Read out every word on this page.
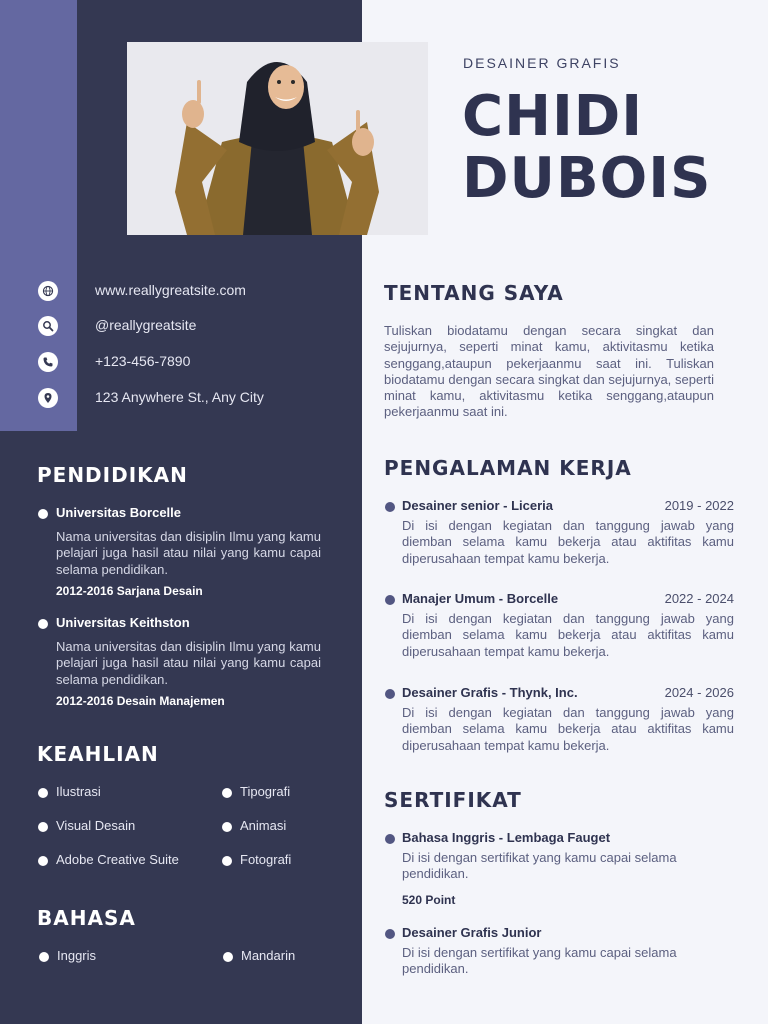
DESAINER GRAFIS
CHIDI
DUBOIS
www.reallygreatsite.com
@reallygreatsite
+123-456-7890
123 Anywhere St., Any City
PENDIDIKAN
Universitas Borcelle
Nama universitas dan disiplin Ilmu yang kamu pelajari juga hasil atau nilai yang kamu capai selama pendidikan.
2012-2016 Sarjana Desain
Universitas Keithston
Nama universitas dan disiplin Ilmu yang kamu pelajari juga hasil atau nilai yang kamu capai selama pendidikan.
2012-2016 Desain Manajemen
KEAHLIAN
Ilustrasi	Tipografi
Visual Desain	Animasi
Adobe Creative Suite	Fotografi
BAHASA
Inggris	Mandarin
TENTANG SAYA
Tuliskan biodatamu dengan secara singkat dan sejujurnya, seperti minat kamu, aktivitasmu ketika senggang,ataupun pekerjaanmu saat ini. Tuliskan biodatamu dengan secara singkat dan sejujurnya, seperti minat kamu, aktivitasmu ketika senggang,ataupun pekerjaanmu saat ini.
PENGALAMAN KERJA
Desainer senior - Liceria	2019 - 2022
Di isi dengan kegiatan dan tanggung jawab yang diemban selama kamu bekerja atau aktifitas kamu diperusahaan tempat kamu bekerja.
Manajer Umum - Borcelle	2022 - 2024
Di isi dengan kegiatan dan tanggung jawab yang diemban selama kamu bekerja atau aktifitas kamu diperusahaan tempat kamu bekerja.
Desainer Grafis - Thynk, Inc.	2024 - 2026
Di isi dengan kegiatan dan tanggung jawab yang diemban selama kamu bekerja atau aktifitas kamu diperusahaan tempat kamu bekerja.
SERTIFIKAT
Bahasa Inggris - Lembaga Fauget
Di isi dengan sertifikat yang kamu capai selama pendidikan.
520 Point
Desainer Grafis Junior
Di isi dengan sertifikat yang kamu capai selama pendidikan.
